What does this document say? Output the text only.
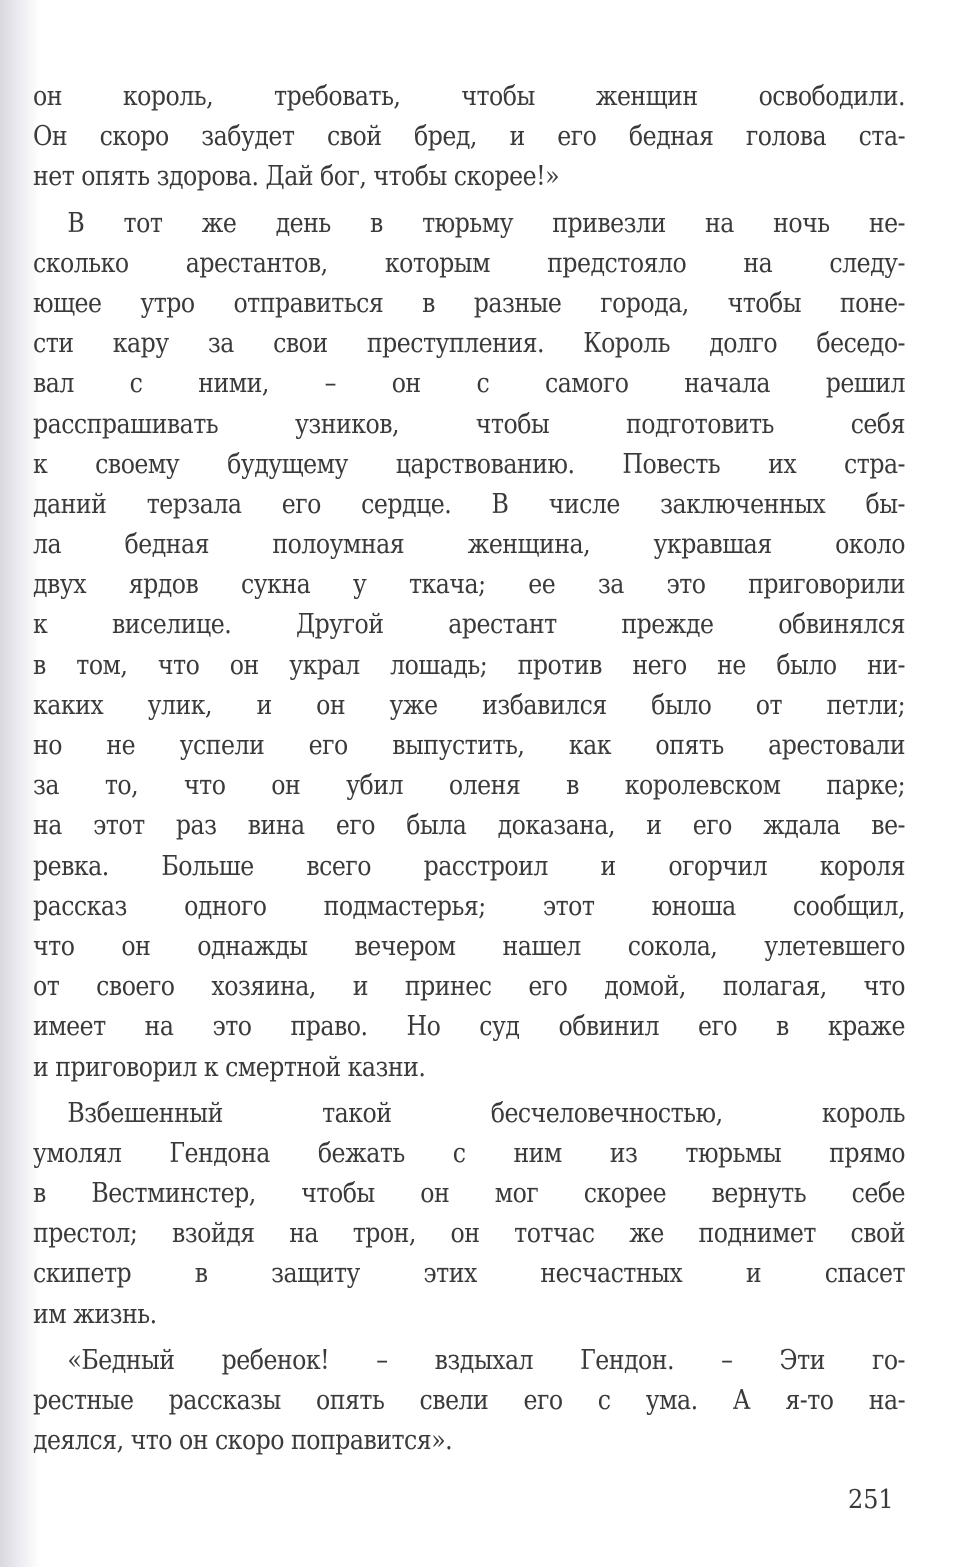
он король, требовать, чтобы женщин освободили.
Он скоро забудет свой бред, и его бедная голова ста-
нет опять здорова. Дай бог, чтобы скорее!»
В тот же день в тюрьму привезли на ночь не-
сколько арестантов, которым предстояло на следу-
ющее утро отправиться в разные города, чтобы поне-
сти кару за свои преступления. Король долго беседо-
вал с ними, – он с самого начала решил
расспрашивать узников, чтобы подготовить себя
к своему будущему царствованию. Повесть их стра-
даний терзала его сердце. В числе заключенных бы-
ла бедная полоумная женщина, укравшая около
двух ярдов сукна у ткача; ее за это приговорили
к виселице. Другой арестант прежде обвинялся
в том, что он украл лошадь; против него не было ни-
каких улик, и он уже избавился было от петли;
но не успели его выпустить, как опять арестовали
за то, что он убил оленя в королевском парке;
на этот раз вина его была доказана, и его ждала ве-
ревка. Больше всего расстроил и огорчил короля
рассказ одного подмастерья; этот юноша сообщил,
что он однажды вечером нашел сокола, улетевшего
от своего хозяина, и принес его домой, полагая, что
имеет на это право. Но суд обвинил его в краже
и приговорил к смертной казни.
Взбешенный такой бесчеловечностью, король
умолял Гендона бежать с ним из тюрьмы прямо
в Вестминстер, чтобы он мог скорее вернуть себе
престол; взойдя на трон, он тотчас же поднимет свой
скипетр в защиту этих несчастных и спасет
им жизнь.
«Бедный ребенок! – вздыхал Гендон. – Эти го-
рестные рассказы опять свели его с ума. А я-то на-
деялся, что он скоро поправится».
251
